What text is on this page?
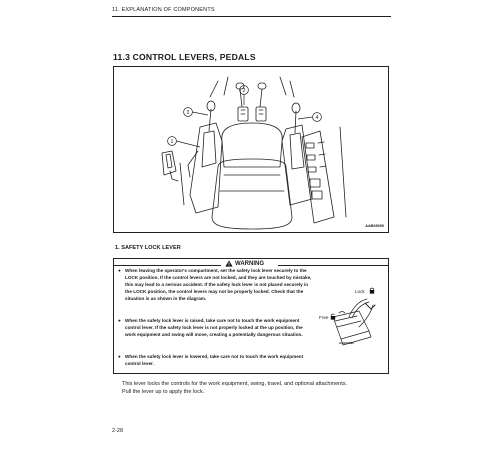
11. EXPLANATION OF COMPONENTS
11.3 CONTROL LEVERS, PEDALS
1
3
2
4
AAB08090
1. SAFETY LOCK LEVER
WARNING
● When leaving the operator's compartment, set the safety lock lever securely to the LOCK position. If the control levers are not locked, and they are touched by mistake, this may lead to a serious accident. If the safety lock lever is not placed securely in the LOCK position, the control levers may not be properly locked. Check that the situation is as shown in the diagram.
● When the safety lock lever is raised, take care not to touch the work equipment control lever. If the safety lock lever is not properly locked at the up position, the work equipment and swing will move, creating a potentially dangerous situation.
● When the safety lock lever is lowered, take care not to touch the work equipment control lever.
Lock
Free
AAB03090

This lever locks the controls for the work equipment, swing, travel, and optional attachments.

Pull the lever up to apply the lock.

2-28
